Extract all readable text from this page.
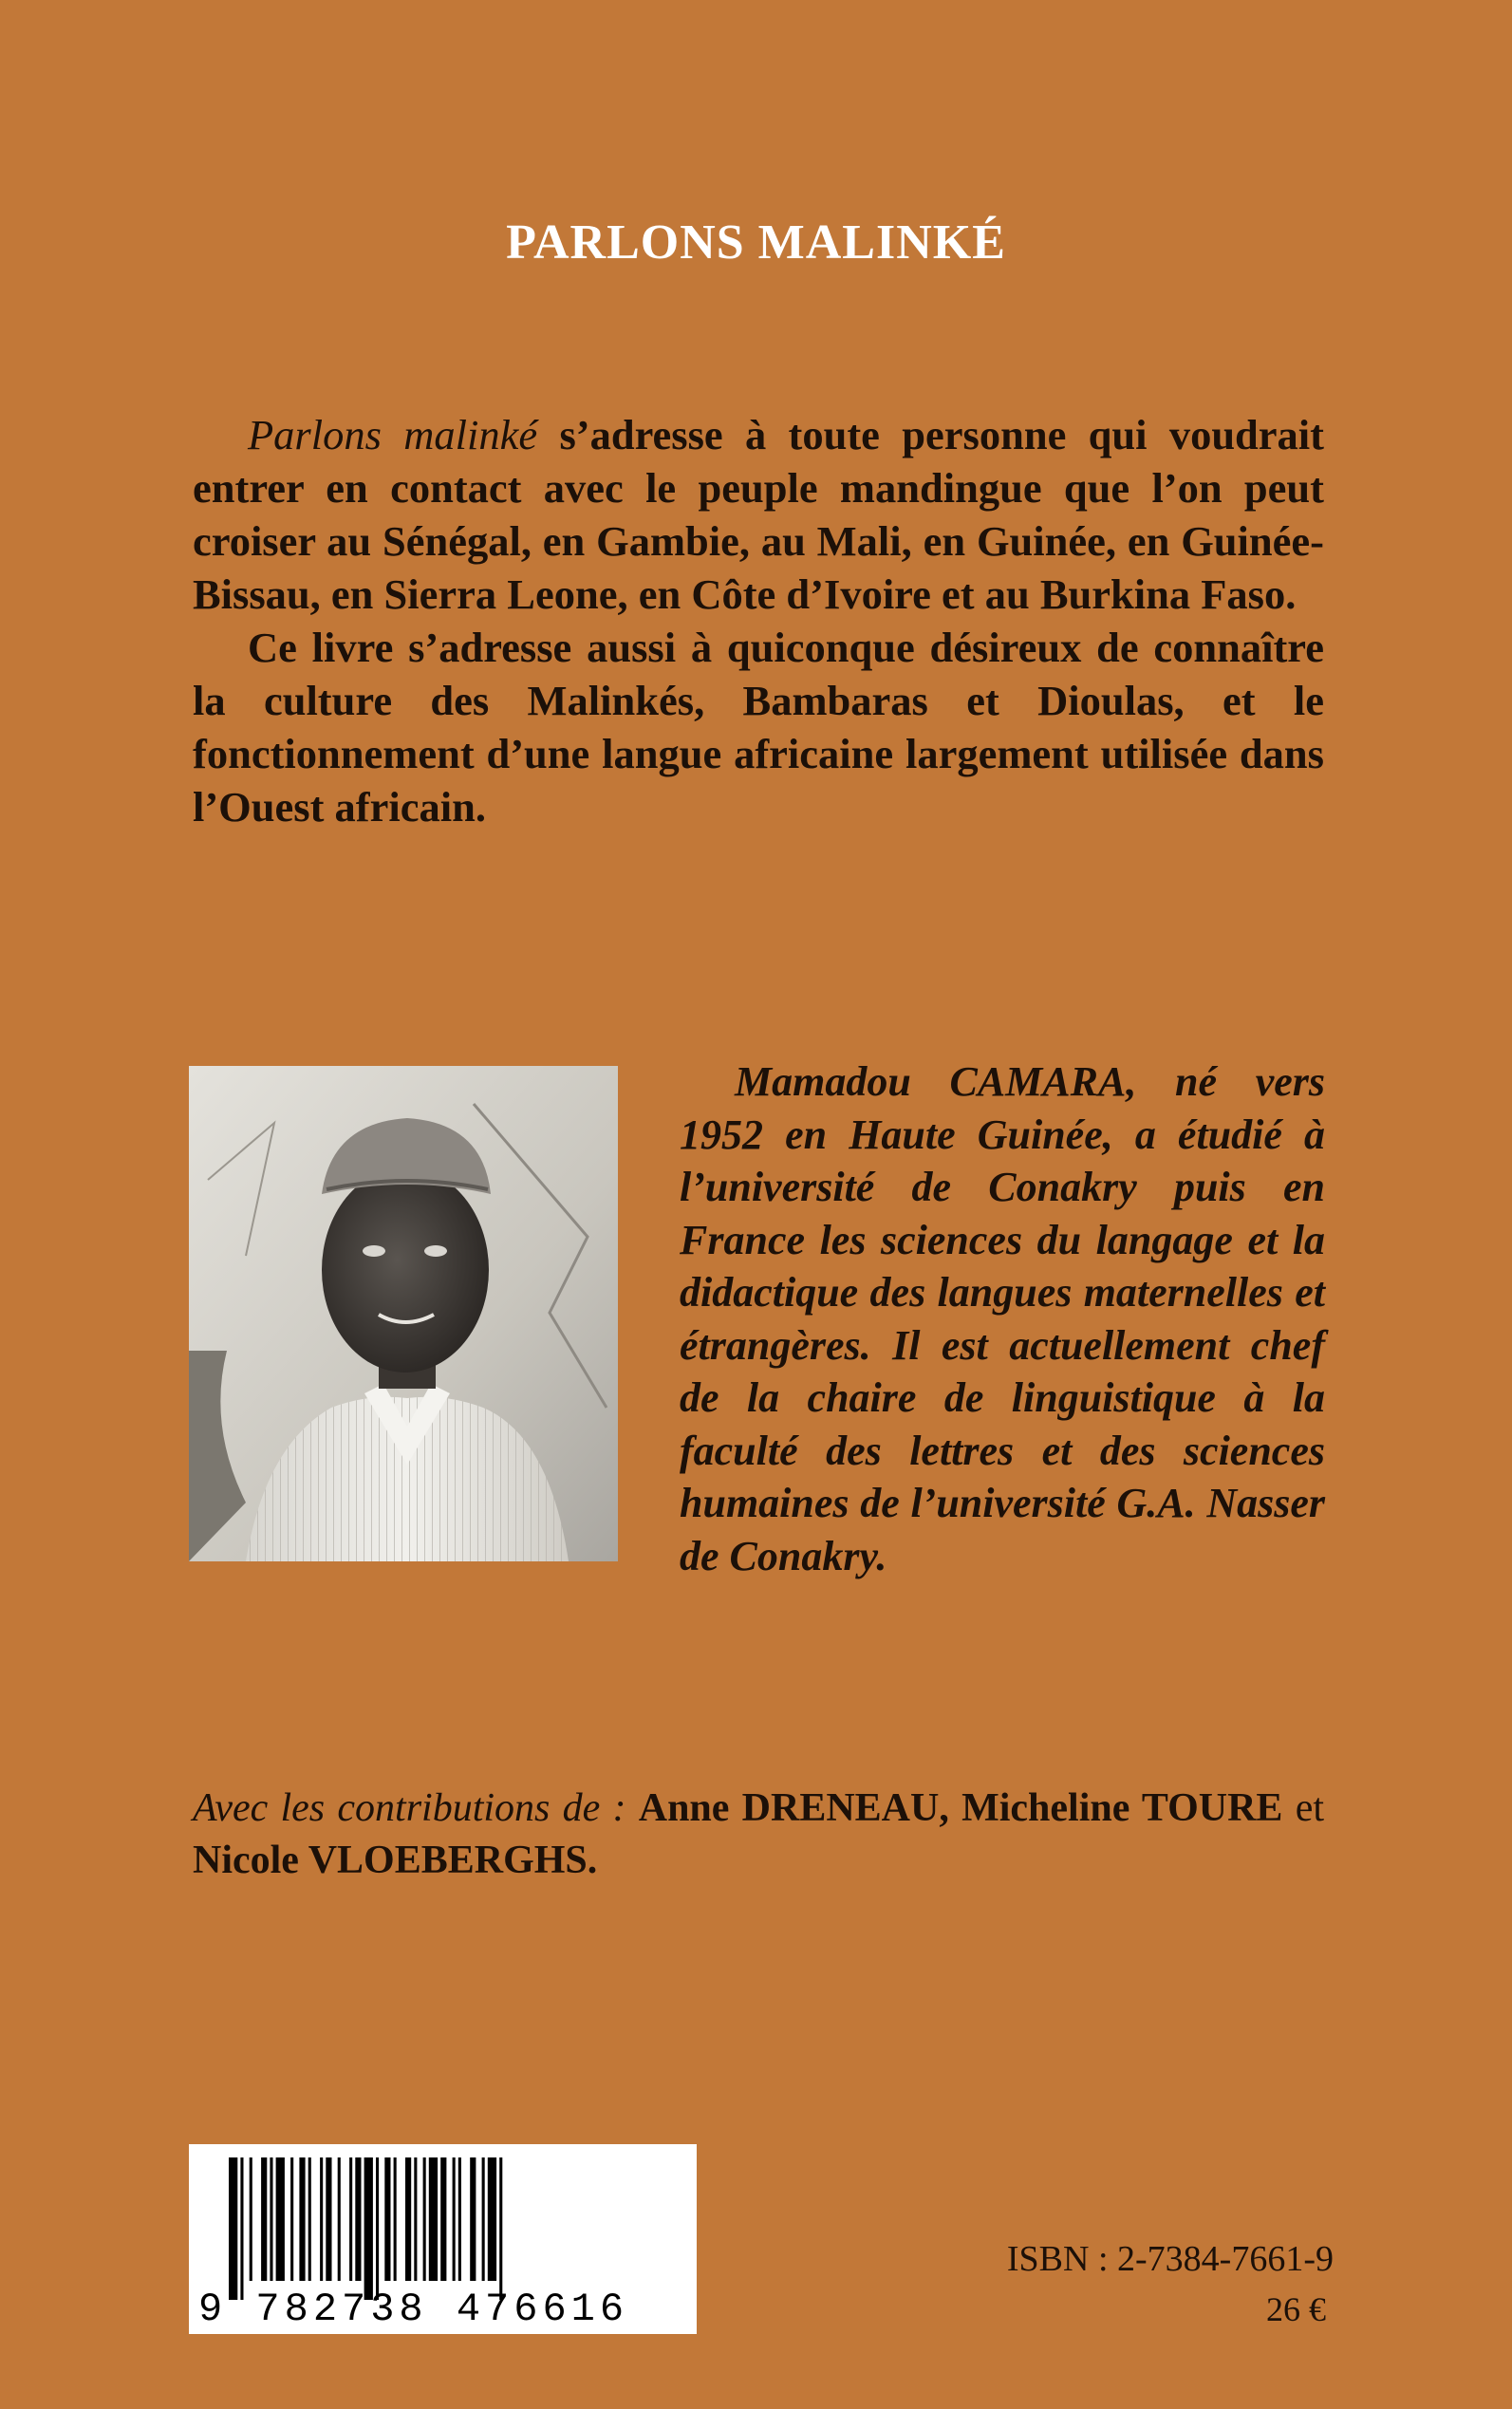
PARLONS MALINKÉ

Parlons malinké s’adresse à toute personne qui voudrait entrer en contact avec le peuple mandingue que l’on peut croiser au Sénégal, en Gambie, au Mali, en Guinée, en Guinée-Bissau, en Sierra Leone, en Côte d’Ivoire et au Burkina Faso.

Ce livre s’adresse aussi à quiconque désireux de connaître la culture des Malinkés, Bambaras et Dioulas, et le fonctionnement d’une langue africaine largement utilisée dans l’Ouest africain.

Mamadou CAMARA, né vers 1952 en Haute Guinée, a étudié à l’université de Conakry puis en France les sciences du langage et la didactique des langues maternelles et étrangères. Il est actuellement chef de la chaire de linguistique à la faculté des lettres et des sciences humaines de l’université G.A. Nasser de Conakry.

Avec les contributions de : Anne DRENEAU, Micheline TOURE et Nicole VLOEBERGHS.
9 782738 476616
ISBN : 2-7384-7661-9
26 €
